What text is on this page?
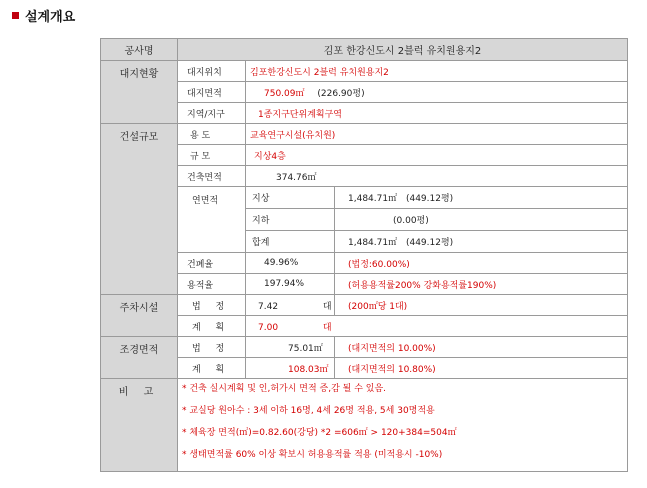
설계개요
공사명	김포 한강신도시 2블럭 유치원용지2		
대지현황	대지위치	김포한강신도시 2블럭 유치원용지2	
	대지면적	750.09㎡ (226.90평)	
	지역/지구	1종지구단위계획구역	
건설규모	용 도	교육연구시설(유치원)	
	규 모	지상4층	
	건축면적	374.76㎡	
	연면적	지상	1,484.71㎡ (449.12평)
		지하	(0.00평)
		합계	1,484.71㎡ (449.12평)
	건폐율	49.96%	(법정:60.00%)
	용적율	197.94%	(허용용적률200% 강화용적률190%)
주차시설	법 정	7.42 대	(200㎡당 1대)
	계 획	7.00 대	
조경면적	법 정	75.01㎡	(대지면적의 10.00%)
	계 획	108.03㎡	(대지면적의 10.80%)
비 고	* 건축 실시계획 및 인,허가시 면적 증,감 될 수 있음.
* 교실당 원아수 : 3세 이하 16명, 4세 26명 적용, 5세 30명적용
* 체육장 면적(㎡)=0.82.60(강당) *2 =606㎡ > 120+384=504㎡
* 생태면적률 60% 이상 확보시 허용용적률 적용 (미적용시 -10%)		
